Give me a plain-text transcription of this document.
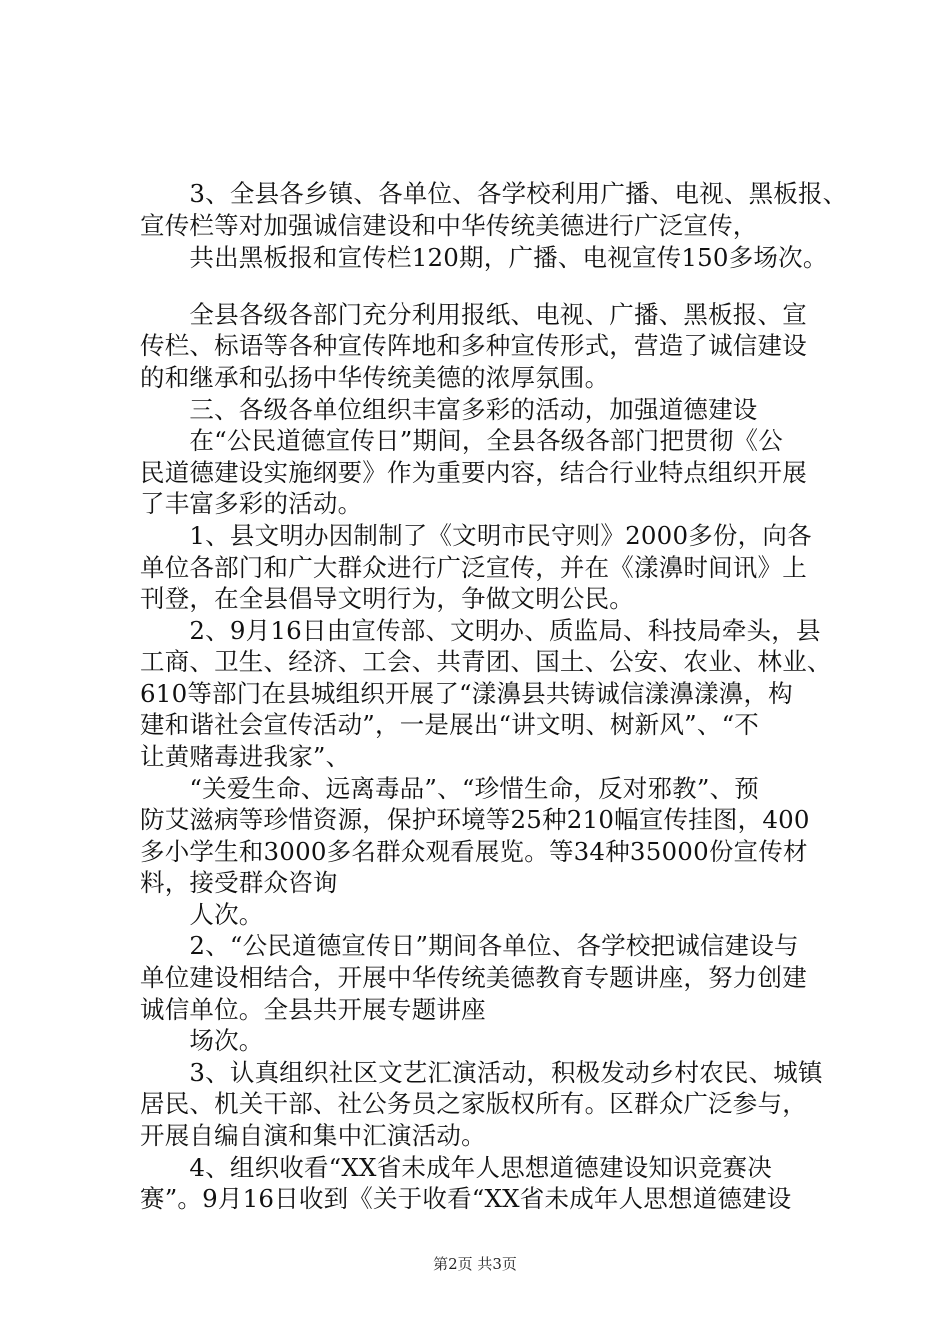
　　3、全县各乡镇、各单位、各学校利用广播、电视、黑板报、
宣传栏等对加强诚信建设和中华传统美德进行广泛宣传，
　　共出黑板报和宣传栏120期，广播、电视宣传150多场次。
　　全县各级各部门充分利用报纸、电视、广播、黑板报、宣
传栏、标语等各种宣传阵地和多种宣传形式，营造了诚信建设
的和继承和弘扬中华传统美德的浓厚氛围。
　　三、各级各单位组织丰富多彩的活动，加强道德建设
　　在“公民道德宣传日”期间，全县各级各部门把贯彻《公
民道德建设实施纲要》作为重要内容，结合行业特点组织开展
了丰富多彩的活动。
　　1、县文明办因制制了《文明市民守则》2000多份，向各
单位各部门和广大群众进行广泛宣传，并在《漾濞时间讯》上
刊登，在全县倡导文明行为，争做文明公民。
　　2、9月16日由宣传部、文明办、质监局、科技局牵头，县
工商、卫生、经济、工会、共青团、国土、公安、农业、林业、
610等部门在县城组织开展了“漾濞县共铸诚信漾濞漾濞，构
建和谐社会宣传活动”，一是展出“讲文明、树新风”、“不
让黄赌毒进我家”、
　　“关爱生命、远离毒品”、“珍惜生命，反对邪教”、预
防艾滋病等珍惜资源，保护环境等25种210幅宣传挂图，400
多小学生和3000多名群众观看展览。等34种35000份宣传材
料，接受群众咨询
　　人次。
　　2、“公民道德宣传日”期间各单位、各学校把诚信建设与
单位建设相结合，开展中华传统美德教育专题讲座，努力创建
诚信单位。全县共开展专题讲座
　　场次。
　　3、认真组织社区文艺汇演活动，积极发动乡村农民、城镇
居民、机关干部、社公务员之家版权所有。区群众广泛参与，
开展自编自演和集中汇演活动。
　　4、组织收看“XX省未成年人思想道德建设知识竞赛决
赛”。9月16日收到《关于收看“XX省未成年人思想道德建设
第2页 共3页
